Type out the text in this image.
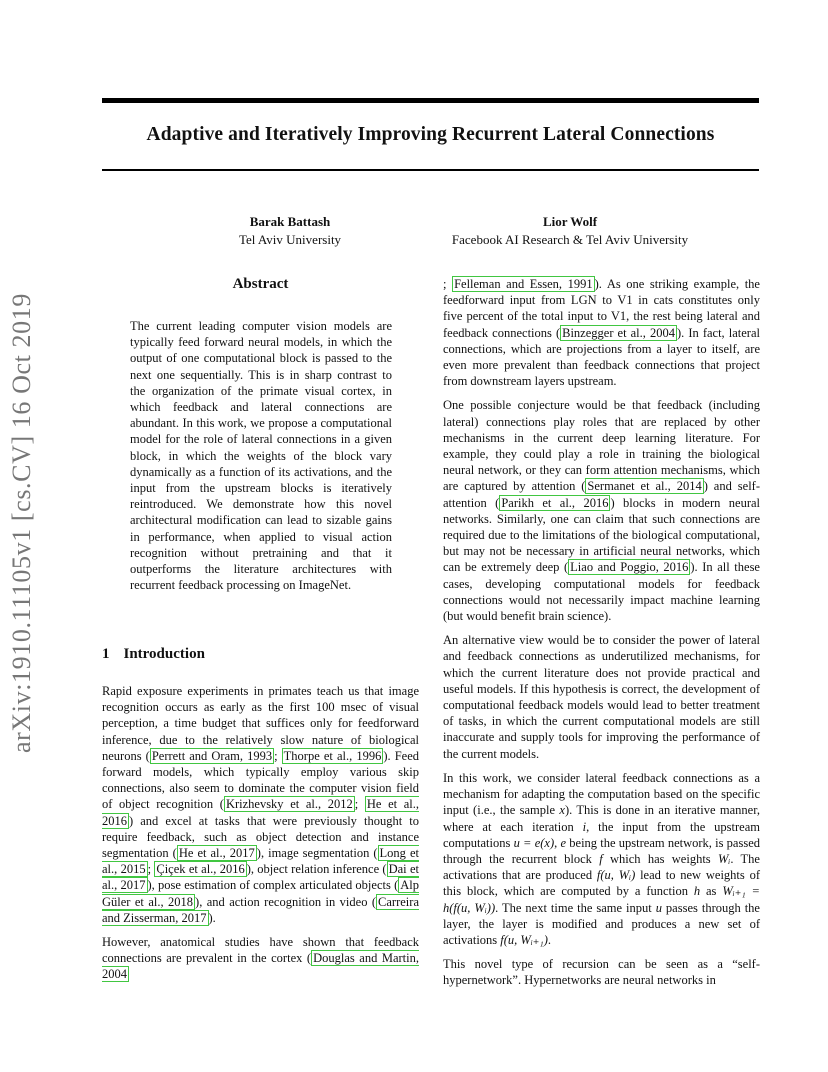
arXiv:1910.11105v1 [cs.CV] 16 Oct 2019
Adaptive and Iteratively Improving Recurrent Lateral Connections
Barak Battash
Tel Aviv University
Lior Wolf
Facebook AI Research & Tel Aviv University
Abstract
The current leading computer vision models are typically feed forward neural models, in which the output of one computational block is passed to the next one sequentially. This is in sharp contrast to the organization of the primate visual cortex, in which feedback and lateral connections are abundant. In this work, we propose a computational model for the role of lateral connections in a given block, in which the weights of the block vary dynamically as a function of its activations, and the input from the upstream blocks is iteratively reintroduced. We demonstrate how this novel architectural modification can lead to sizable gains in performance, when applied to visual action recognition without pretraining and that it outperforms the literature architectures with recurrent feedback processing on ImageNet.
1 Introduction

Rapid exposure experiments in primates teach us that image recognition occurs as early as the first 100 msec of visual perception, a time budget that suffices only for feedforward inference, due to the relatively slow nature of biological neurons ( Perrett and Oram, 1993 ; Thorpe et al., 1996 ). Feed forward models, which typically employ various skip connections, also seem to dominate the computer vision field of object recognition ( Krizhevsky et al., 2012 ; He et al., 2016 ) and excel at tasks that were previously thought to require feedback, such as object detection and instance segmentation ( He et al., 2017 ), image segmentation ( Long et al., 2015 ; Çiçek et al., 2016 ), object relation inference ( Dai et al., 2017 ), pose estimation of complex articulated objects ( Alp Güler et al., 2018 ), and action recognition in video ( Carreira and Zisserman, 2017 ).

However, anatomical studies have shown that feedback connections are prevalent in the cortex ( Douglas and Martin, 2004

; Felleman and Essen, 1991 ). As one striking example, the feedforward input from LGN to V1 in cats constitutes only five percent of the total input to V1, the rest being lateral and feedback connections ( Binzegger et al., 2004 ). In fact, lateral connections, which are projections from a layer to itself, are even more prevalent than feedback connections that project from downstream layers upstream.

One possible conjecture would be that feedback (including lateral) connections play roles that are replaced by other mechanisms in the current deep learning literature. For example, they could play a role in training the biological neural network, or they can form attention mechanisms, which are captured by attention ( Sermanet et al., 2014 ) and self-attention ( Parikh et al., 2016 ) blocks in modern neural networks. Similarly, one can claim that such connections are required due to the limitations of the biological computational, but may not be necessary in artificial neural networks, which can be extremely deep ( Liao and Poggio, 2016 ). In all these cases, developing computational models for feedback connections would not necessarily impact machine learning (but would benefit brain science).

An alternative view would be to consider the power of lateral and feedback connections as underutilized mechanisms, for which the current literature does not provide practical and useful models. If this hypothesis is correct, the development of computational feedback models would lead to better treatment of tasks, in which the current computational models are still inaccurate and supply tools for improving the performance of the current models.

In this work, we consider lateral feedback connections as a mechanism for adapting the computation based on the specific input (i.e., the sample x). This is done in an iterative manner, where at each iteration i, the input from the upstream computations u = e(x), e being the upstream network, is passed through the recurrent block f which has weights Wᵢ. The activations that are produced f(u, Wᵢ) lead to new weights of this block, which are computed by a function h as Wᵢ₊₁ = h(f(u, Wᵢ)). The next time the same input u passes through the layer, the layer is modified and produces a new set of activations f(u, Wᵢ₊₁).

This novel type of recursion can be seen as a “self-hypernetwork”. Hypernetworks are neural networks in
